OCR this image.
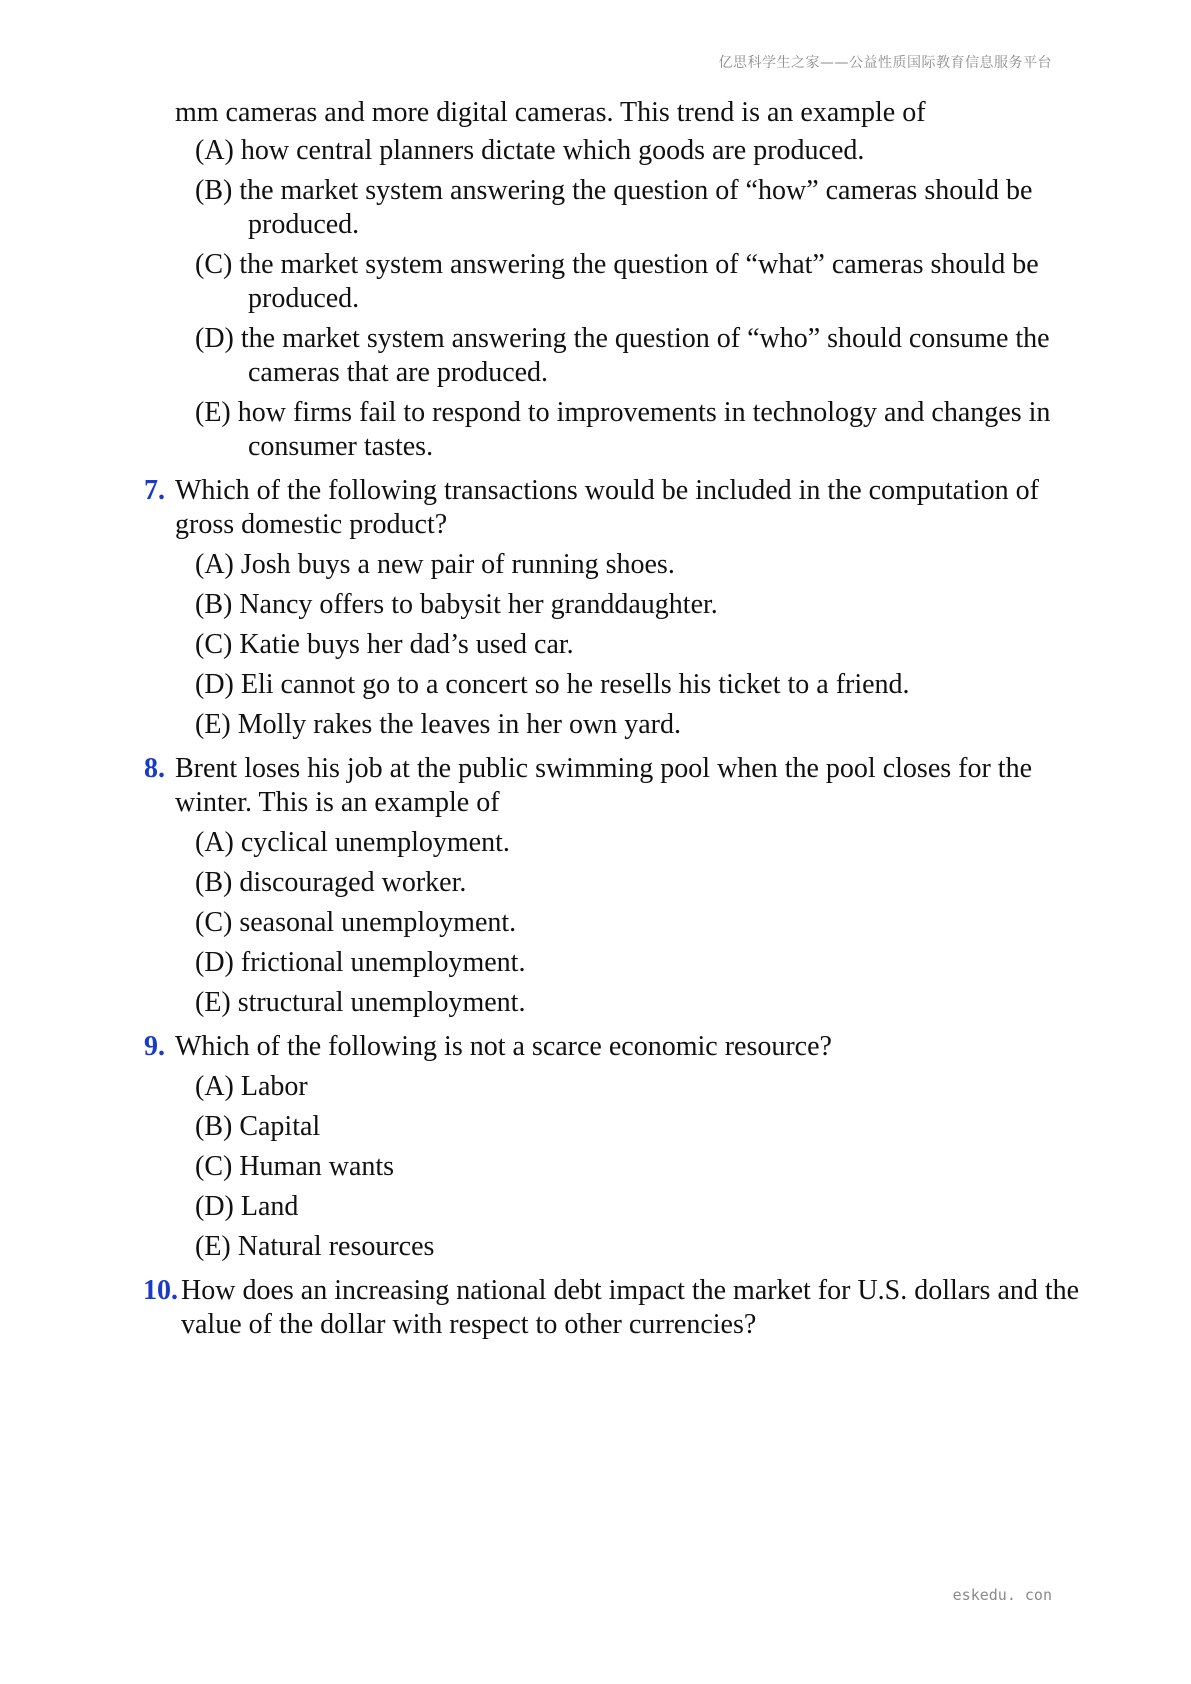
亿思科学生之家——公益性质国际教育信息服务平台
mm cameras and more digital cameras. This trend is an example of
(A) how central planners dictate which goods are produced.
(B) the market system answering the question of “how” cameras should be produced.
(C) the market system answering the question of “what” cameras should be produced.
(D) the market system answering the question of “who” should consume the cameras that are produced.
(E) how firms fail to respond to improvements in technology and changes in consumer tastes.
7. Which of the following transactions would be included in the computation of gross domestic product?
(A) Josh buys a new pair of running shoes.
(B) Nancy offers to babysit her granddaughter.
(C) Katie buys her dad’s used car.
(D) Eli cannot go to a concert so he resells his ticket to a friend.
(E) Molly rakes the leaves in her own yard.
8. Brent loses his job at the public swimming pool when the pool closes for the winter. This is an example of
(A) cyclical unemployment.
(B) discouraged worker.
(C) seasonal unemployment.
(D) frictional unemployment.
(E) structural unemployment.
9. Which of the following is not a scarce economic resource?
(A) Labor
(B) Capital
(C) Human wants
(D) Land
(E) Natural resources
10. How does an increasing national debt impact the market for U.S. dollars and the value of the dollar with respect to other currencies?
eskedu. con
